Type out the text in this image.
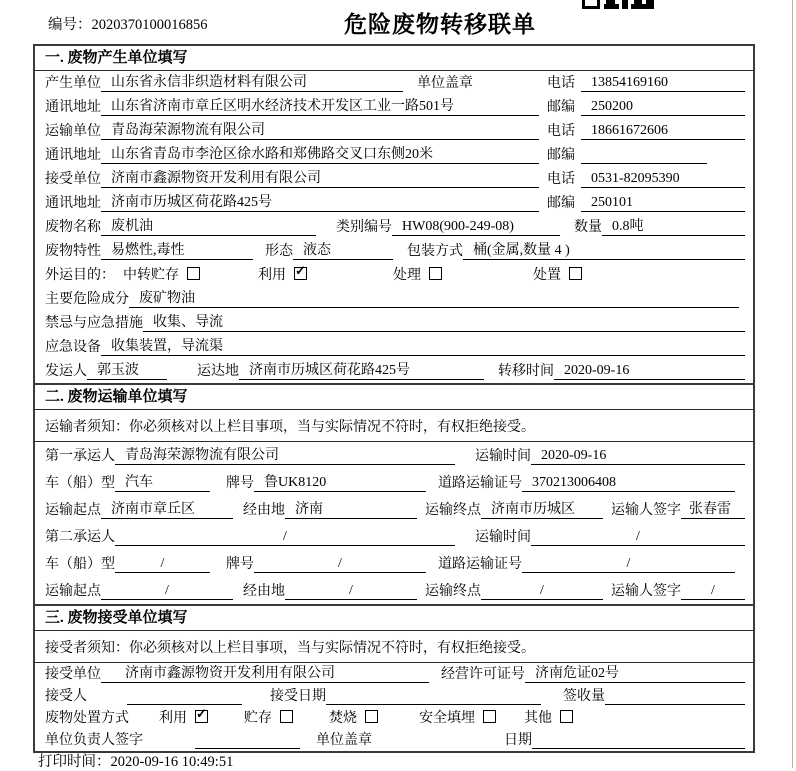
编号：2020370100016856	危险废物转移联单
一. 废物产生单位填写
产生单位 山东省永信非织造材料有限公司	单位盖章	电话	13854169160
通讯地址 山东省济南市章丘区明水经济技术开发区工业一路501号	邮编	250200
运输单位 青岛海荣源物流有限公司	电话	18661672606
通讯地址 山东省青岛市李沧区徐水路和郑佛路交叉口东侧20米	邮编
接受单位 济南市鑫源物资开发利用有限公司	电话	0531-82095390
通讯地址 济南市历城区荷花路425号	邮编	250101
废物名称 废机油	类别编号 HW08(900-249-08)	数量 0.8吨
废物特性 易燃性,毒性	形态 液态	包装方式 桶(金属,数量 4 )
外运目的： 中转贮存	利用 ✓	处理	处置
主要危险成分 废矿物油
禁忌与应急措施 收集、导流
应急设备 收集装置，导流渠
发运人 郭玉波	运达地 济南市历城区荷花路425号	转移时间 2020-09-16
二. 废物运输单位填写
运输者须知：你必须核对以上栏目事项，当与实际情况不符时，有权拒绝接受。
第一承运人 青岛海荣源物流有限公司	运输时间 2020-09-16
车（船）型 汽车	牌号 鲁UK8120	道路运输证号 370213006408
运输起点 济南市章丘区	经由地 济南	运输终点 济南市历城区	运输人签字 张春雷
第二承运人	/	运输时间	/
车（船）型	/	牌号	/	道路运输证号	/
运输起点	/	经由地	/	运输终点	/	运输人签字	/
三. 废物接受单位填写
接受者须知：你必须核对以上栏目事项，当与实际情况不符时，有权拒绝接受。
接受单位	济南市鑫源物资开发利用有限公司	经营许可证号 济南危证02号
接受人	接受日期	签收量
废物处置方式 利用 ✓	贮存	焚烧	安全填埋	其他
单位负责人签字	单位盖章	日期
打印时间：2020-09-16 10:49:51
